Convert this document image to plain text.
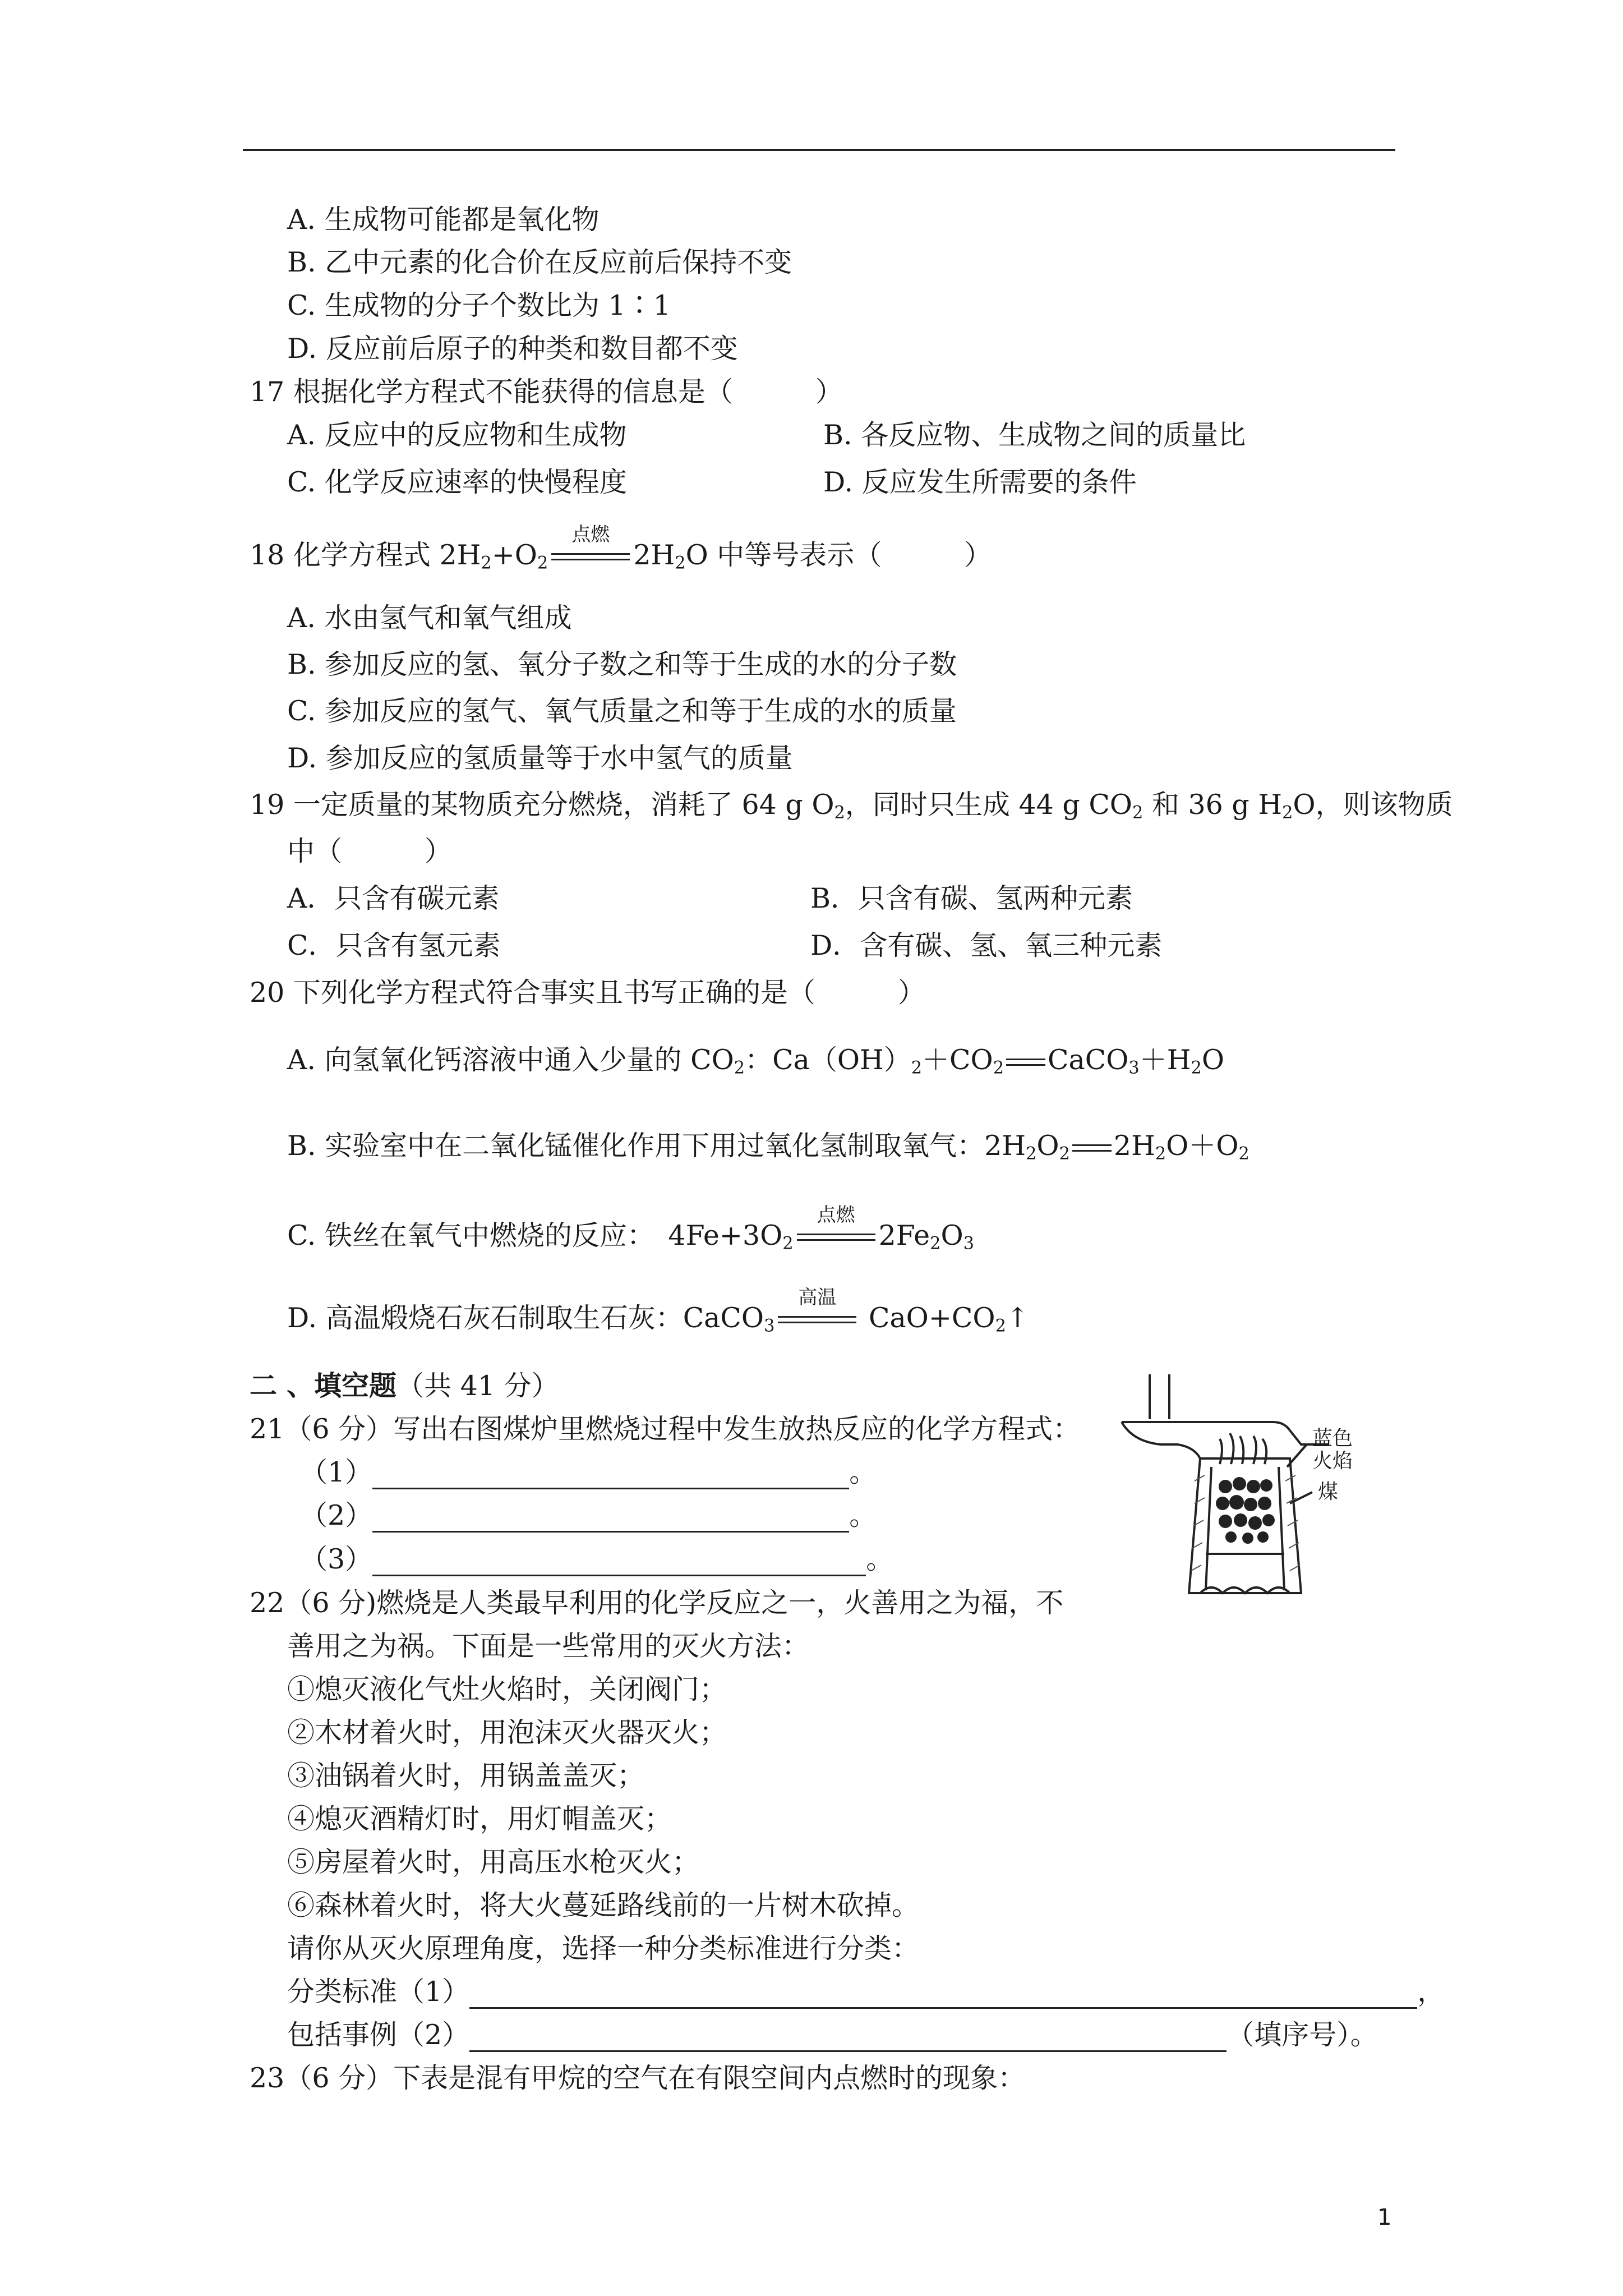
A. 生成物可能都是氧化物
B. 乙中元素的化合价在反应前后保持不变
C. 生成物的分子个数比为 1∶1
D. 反应前后原子的种类和数目都不变
17 根据化学方程式不能获得的信息是（　　　）
A. 反应中的反应物和生成物	B. 各反应物、生成物之间的质量比
C. 化学反应速率的快慢程度	D. 反应发生所需要的条件
18 化学方程式 $2H_2+O_2$
点燃
$2H_2O$ 中等号表示（　　　）
A. 水由氢气和氧气组成
B. 参加反应的氢、氧分子数之和等于生成的水的分子数
C. 参加反应的氢气、氧气质量之和等于生成的水的质量
D. 参加反应的氢质量等于水中氢气的质量
19 一定质量的某物质充分燃烧，消耗了 64 g $O_2$，同时只生成 44 g $CO_2$ 和 36 g $H_2O$，则该物质
中（　　　）
A．只含有碳元素	B．只含有碳、氢两种元素
C．只含有氢元素	D．含有碳、氢、氧三种元素
20 下列化学方程式符合事实且书写正确的是（　　　）
A. 向氢氧化钙溶液中通入少量的 $CO_2$：$Ca(OH)_2+CO_2$ $CaCO_3+H_2O$
B. 实验室中在二氧化锰催化作用下用过氧化氢制取氧气：$2H_2O_2$ $2H_2O+O_2$
C. 铁丝在氧气中燃烧的反应：　$4Fe+3O_2$
点燃
$2Fe_2O_3$
D. 高温煅烧石灰石制取生石灰：CaCO$_3$
高温
$CaO+CO_2↑$
二 、填空题（共 41 分）
21（6 分）写出右图煤炉里燃烧过程中发生放热反应的化学方程式：
（1）	。
（2）	。
（3）	。
蓝色
火焰
煤
22（6 分)燃烧是人类最早利用的化学反应之一，火善用之为福，不
善用之为祸。下面是一些常用的灭火方法：
①熄灭液化气灶火焰时，关闭阀门；
②木材着火时，用泡沫灭火器灭火；
③油锅着火时，用锅盖盖灭；
④熄灭酒精灯时，用灯帽盖灭；
⑤房屋着火时，用高压水枪灭火；
⑥森林着火时，将大火蔓延路线前的一片树木砍掉。
请你从灭火原理角度，选择一种分类标准进行分类：
分类标准（1）	，
包括事例（2）	（填序号）。
23（6 分）下表是混有甲烷的空气在有限空间内点燃时的现象：
1
